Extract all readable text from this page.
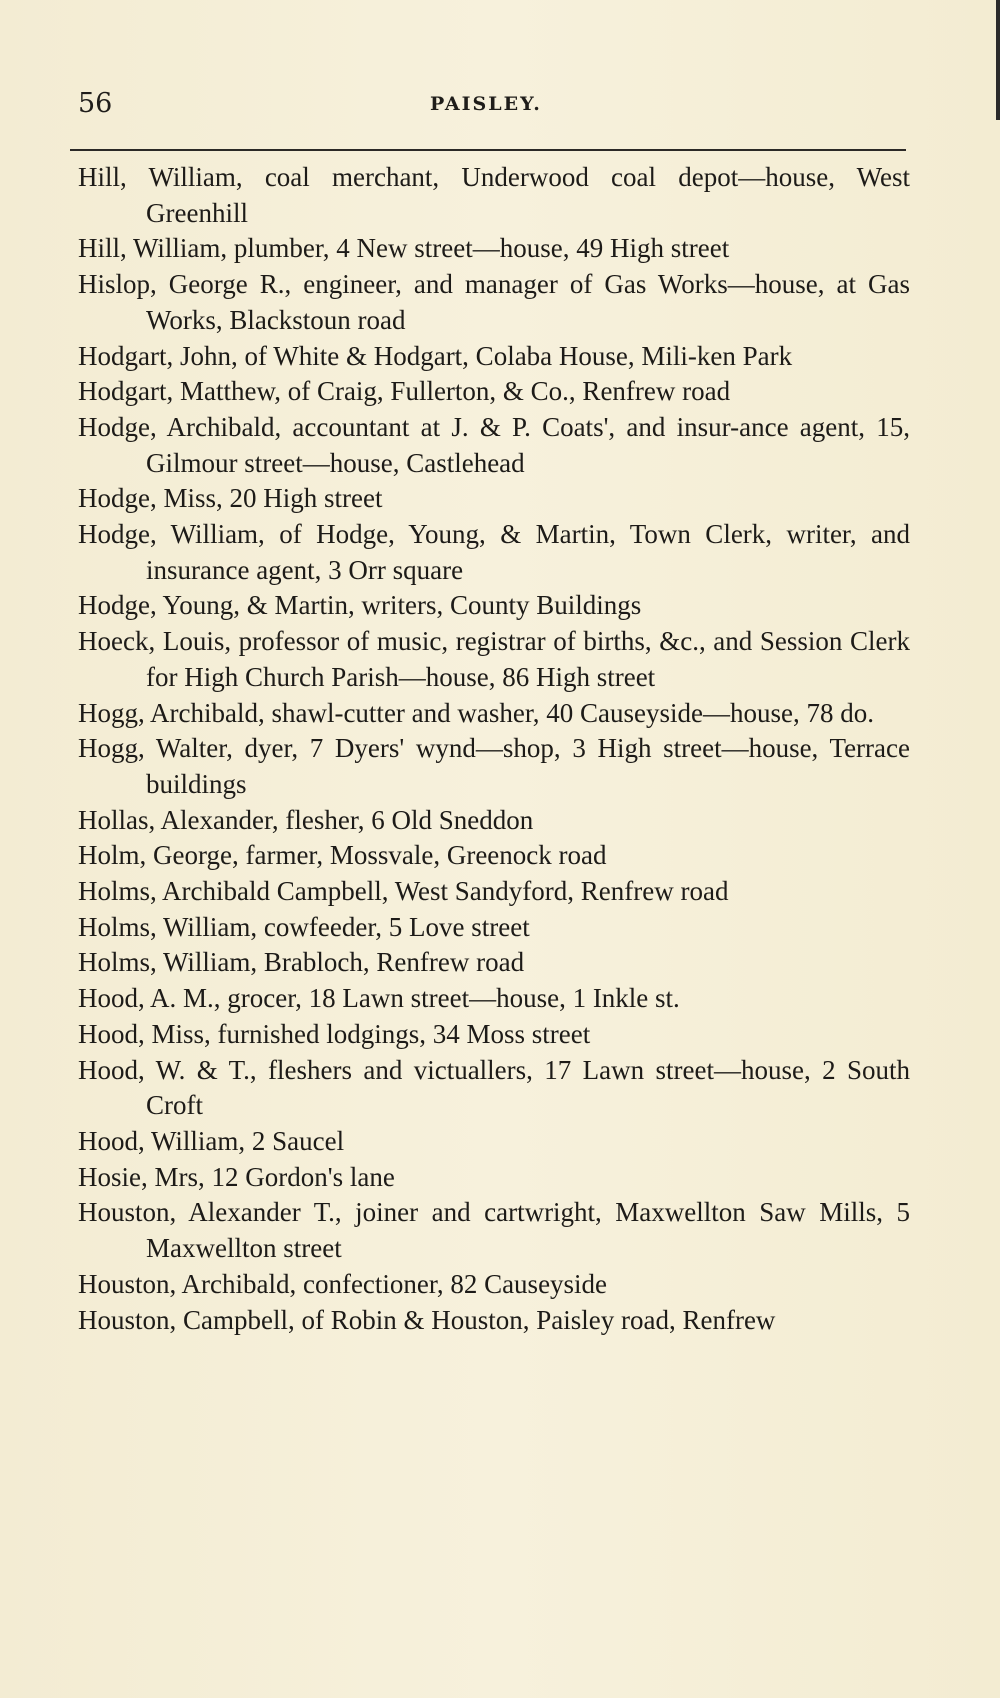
56	PAISLEY.
Hill, William, coal merchant, Underwood coal depot—house, West Greenhill
Hill, William, plumber, 4 New street—house, 49 High street
Hislop, George R., engineer, and manager of Gas Works—house, at Gas Works, Blackstoun road
Hodgart, John, of White & Hodgart, Colaba House, Mili-ken Park
Hodgart, Matthew, of Craig, Fullerton, & Co., Renfrew road
Hodge, Archibald, accountant at J. & P. Coats', and insur-ance agent, 15, Gilmour street—house, Castlehead
Hodge, Miss, 20 High street
Hodge, William, of Hodge, Young, & Martin, Town Clerk, writer, and insurance agent, 3 Orr square
Hodge, Young, & Martin, writers, County Buildings
Hoeck, Louis, professor of music, registrar of births, &c., and Session Clerk for High Church Parish—house, 86 High street
Hogg, Archibald, shawl-cutter and washer, 40 Causeyside—house, 78 do.
Hogg, Walter, dyer, 7 Dyers' wynd—shop, 3 High street—house, Terrace buildings
Hollas, Alexander, flesher, 6 Old Sneddon
Holm, George, farmer, Mossvale, Greenock road
Holms, Archibald Campbell, West Sandyford, Renfrew road
Holms, William, cowfeeder, 5 Love street
Holms, William, Brabloch, Renfrew road
Hood, A. M., grocer, 18 Lawn street—house, 1 Inkle st.
Hood, Miss, furnished lodgings, 34 Moss street
Hood, W. & T., fleshers and victuallers, 17 Lawn street—house, 2 South Croft
Hood, William, 2 Saucel
Hosie, Mrs, 12 Gordon's lane
Houston, Alexander T., joiner and cartwright, Maxwellton Saw Mills, 5 Maxwellton street
Houston, Archibald, confectioner, 82 Causeyside
Houston, Campbell, of Robin & Houston, Paisley road, Renfrew
